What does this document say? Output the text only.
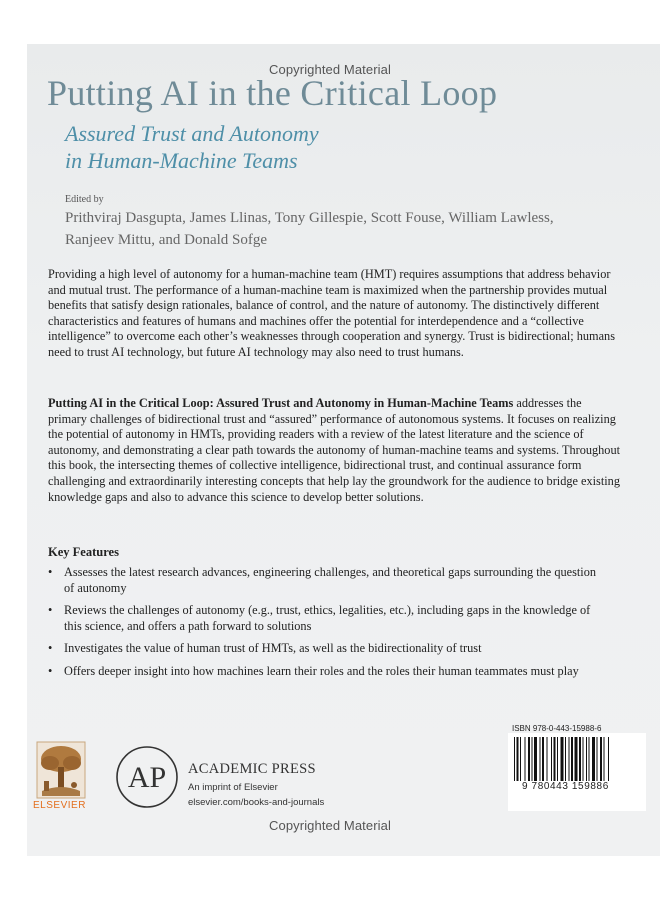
Copyrighted Material
Putting AI in the Critical Loop
Assured Trust and Autonomy
in Human-Machine Teams
Edited by
Prithviraj Dasgupta, James Llinas, Tony Gillespie, Scott Fouse, William Lawless,
Ranjeev Mittu, and Donald Sofge
Providing a high level of autonomy for a human-machine team (HMT) requires assumptions that address behavior and mutual trust. The performance of a human-machine team is maximized when the partnership provides mutual benefits that satisfy design rationales, balance of control, and the nature of autonomy. The distinctively different characteristics and features of humans and machines offer the potential for interdependence and a “collective intelligence” to overcome each other’s weaknesses through cooperation and synergy. Trust is bidirectional; humans need to trust AI technology, but future AI technology may also need to trust humans.
Putting AI in the Critical Loop: Assured Trust and Autonomy in Human-Machine Teams addresses the primary challenges of bidirectional trust and “assured” performance of autonomous systems. It focuses on realizing the potential of autonomy in HMTs, providing readers with a review of the latest literature and the science of autonomy, and demonstrating a clear path towards the autonomy of human-machine teams and systems. Throughout this book, the intersecting themes of collective intelligence, bidirectional trust, and continual assurance form challenging and extraordinarily interesting concepts that help lay the groundwork for the audience to bridge existing knowledge gaps and also to advance this science to develop better solutions.
Key Features
• Assesses the latest research advances, engineering challenges, and theoretical gaps surrounding the question of autonomy
• Reviews the challenges of autonomy (e.g., trust, ethics, legalities, etc.), including gaps in the knowledge of this science, and offers a path forward to solutions
• Investigates the value of human trust of HMTs, as well as the bidirectionality of trust
• Offers deeper insight into how machines learn their roles and the roles their human teammates must play
ELSEVIER
AP ACADEMIC PRESS
An imprint of Elsevier
elsevier.com/books-and-journals
ISBN 978-0-443-15988-6
9 780443 159886
Copyrighted Material
